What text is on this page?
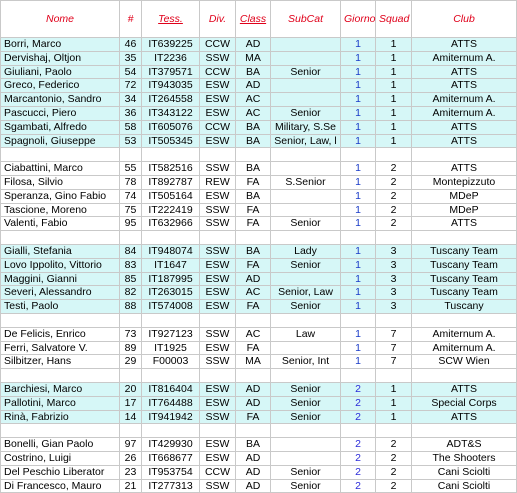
Nome	#	Tess.	Div.	Class	SubCat	Giorno	Squad	Club
Borri, Marco	46	IT639225	CCW	AD		1	1	ATTS
Dervishaj, Oltjon	35	IT2236	SSW	MA		1	1	Amiternum A.
Giuliani, Paolo	54	IT379571	CCW	BA	Senior	1	1	ATTS
Greco, Federico	72	IT943035	ESW	AD		1	1	ATTS
Marcantonio, Sandro	34	IT264558	ESW	AC		1	1	Amiternum A.
Pascucci, Piero	36	IT343122	ESW	AC	Senior	1	1	Amiternum A.
Sgambati, Alfredo	58	IT605076	CCW	BA	Military, S.Se	1	1	ATTS
Spagnoli, Giuseppe	53	IT505345	ESW	BA	Senior, Law, l	1	1	ATTS

Ciabattini, Marco	55	IT582516	SSW	BA		1	2	ATTS
Filosa, Silvio	78	IT892787	REW	FA	S.Senior	1	2	Montepizzuto
Speranza, Gino Fabio	74	IT505164	ESW	BA		1	2	MDeP
Tascione, Moreno	75	IT222419	SSW	FA		1	2	MDeP
Valenti, Fabio	95	IT632966	SSW	FA	Senior	1	2	ATTS

Gialli, Stefania	84	IT948074	SSW	BA	Lady	1	3	Tuscany Team
Lovo Ippolito, Vittorio	83	IT1647	ESW	FA	Senior	1	3	Tuscany Team
Maggini, Gianni	85	IT187995	ESW	AD		1	3	Tuscany Team
Severi, Alessandro	82	IT263015	ESW	AC	Senior, Law	1	3	Tuscany Team
Testi, Paolo	88	IT574008	ESW	FA	Senior	1	3	Tuscany

De Felicis, Enrico	73	IT927123	SSW	AC	Law	1	7	Amiternum A.
Ferri, Salvatore V.	89	IT1925	ESW	FA		1	7	Amiternum A.
Silbitzer, Hans	29	F00003	SSW	MA	Senior, Int	1	7	SCW Wien

Barchiesi, Marco	20	IT816404	ESW	AD	Senior	2	1	ATTS
Pallotini, Marco	17	IT764488	ESW	AD	Senior	2	1	Special Corps
Rinà, Fabrizio	14	IT941942	SSW	FA	Senior	2	1	ATTS

Bonelli, Gian Paolo	97	IT429930	ESW	BA		2	2	ADT&S
Costrino, Luigi	26	IT668677	ESW	AD		2	2	The Shooters
Del Peschio Liberator	23	IT953754	CCW	AD	Senior	2	2	Cani Sciolti
Di Francesco, Mauro	21	IT277313	SSW	AD	Senior	2	2	Cani Sciolti
